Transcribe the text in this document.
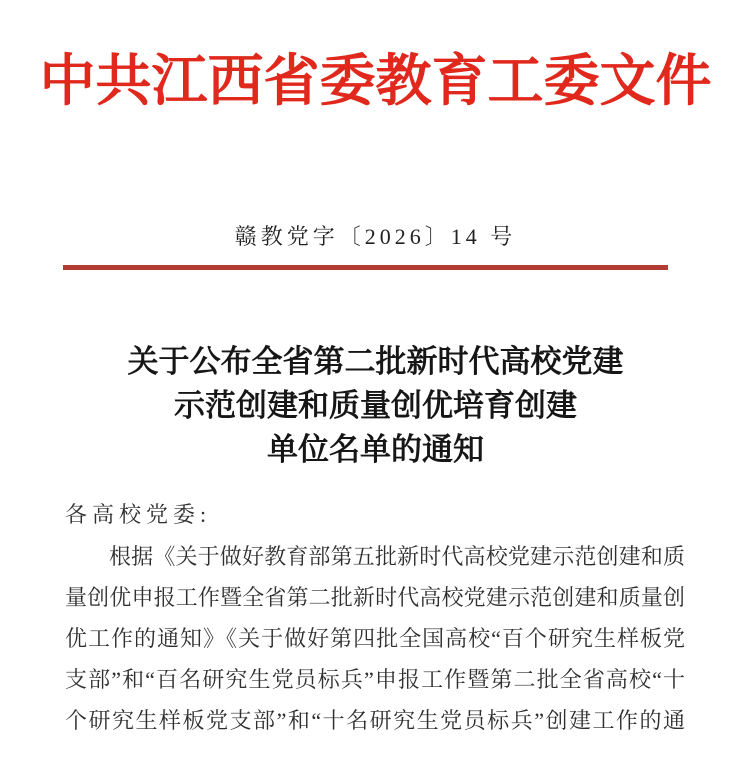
中共江西省委教育工委文件
赣教党字〔2026〕14 号
关于公布全省第二批新时代高校党建
示范创建和质量创优培育创建
单位名单的通知
各高校党委:
根据《关于做好教育部第五批新时代高校党建示范创建和质
量创优申报工作暨全省第二批新时代高校党建示范创建和质量创
优工作的通知》《关于做好第四批全国高校“百个研究生样板党
支部”和“百名研究生党员标兵”申报工作暨第二批全省高校“十
个研究生样板党支部”和“十名研究生党员标兵”创建工作的通
